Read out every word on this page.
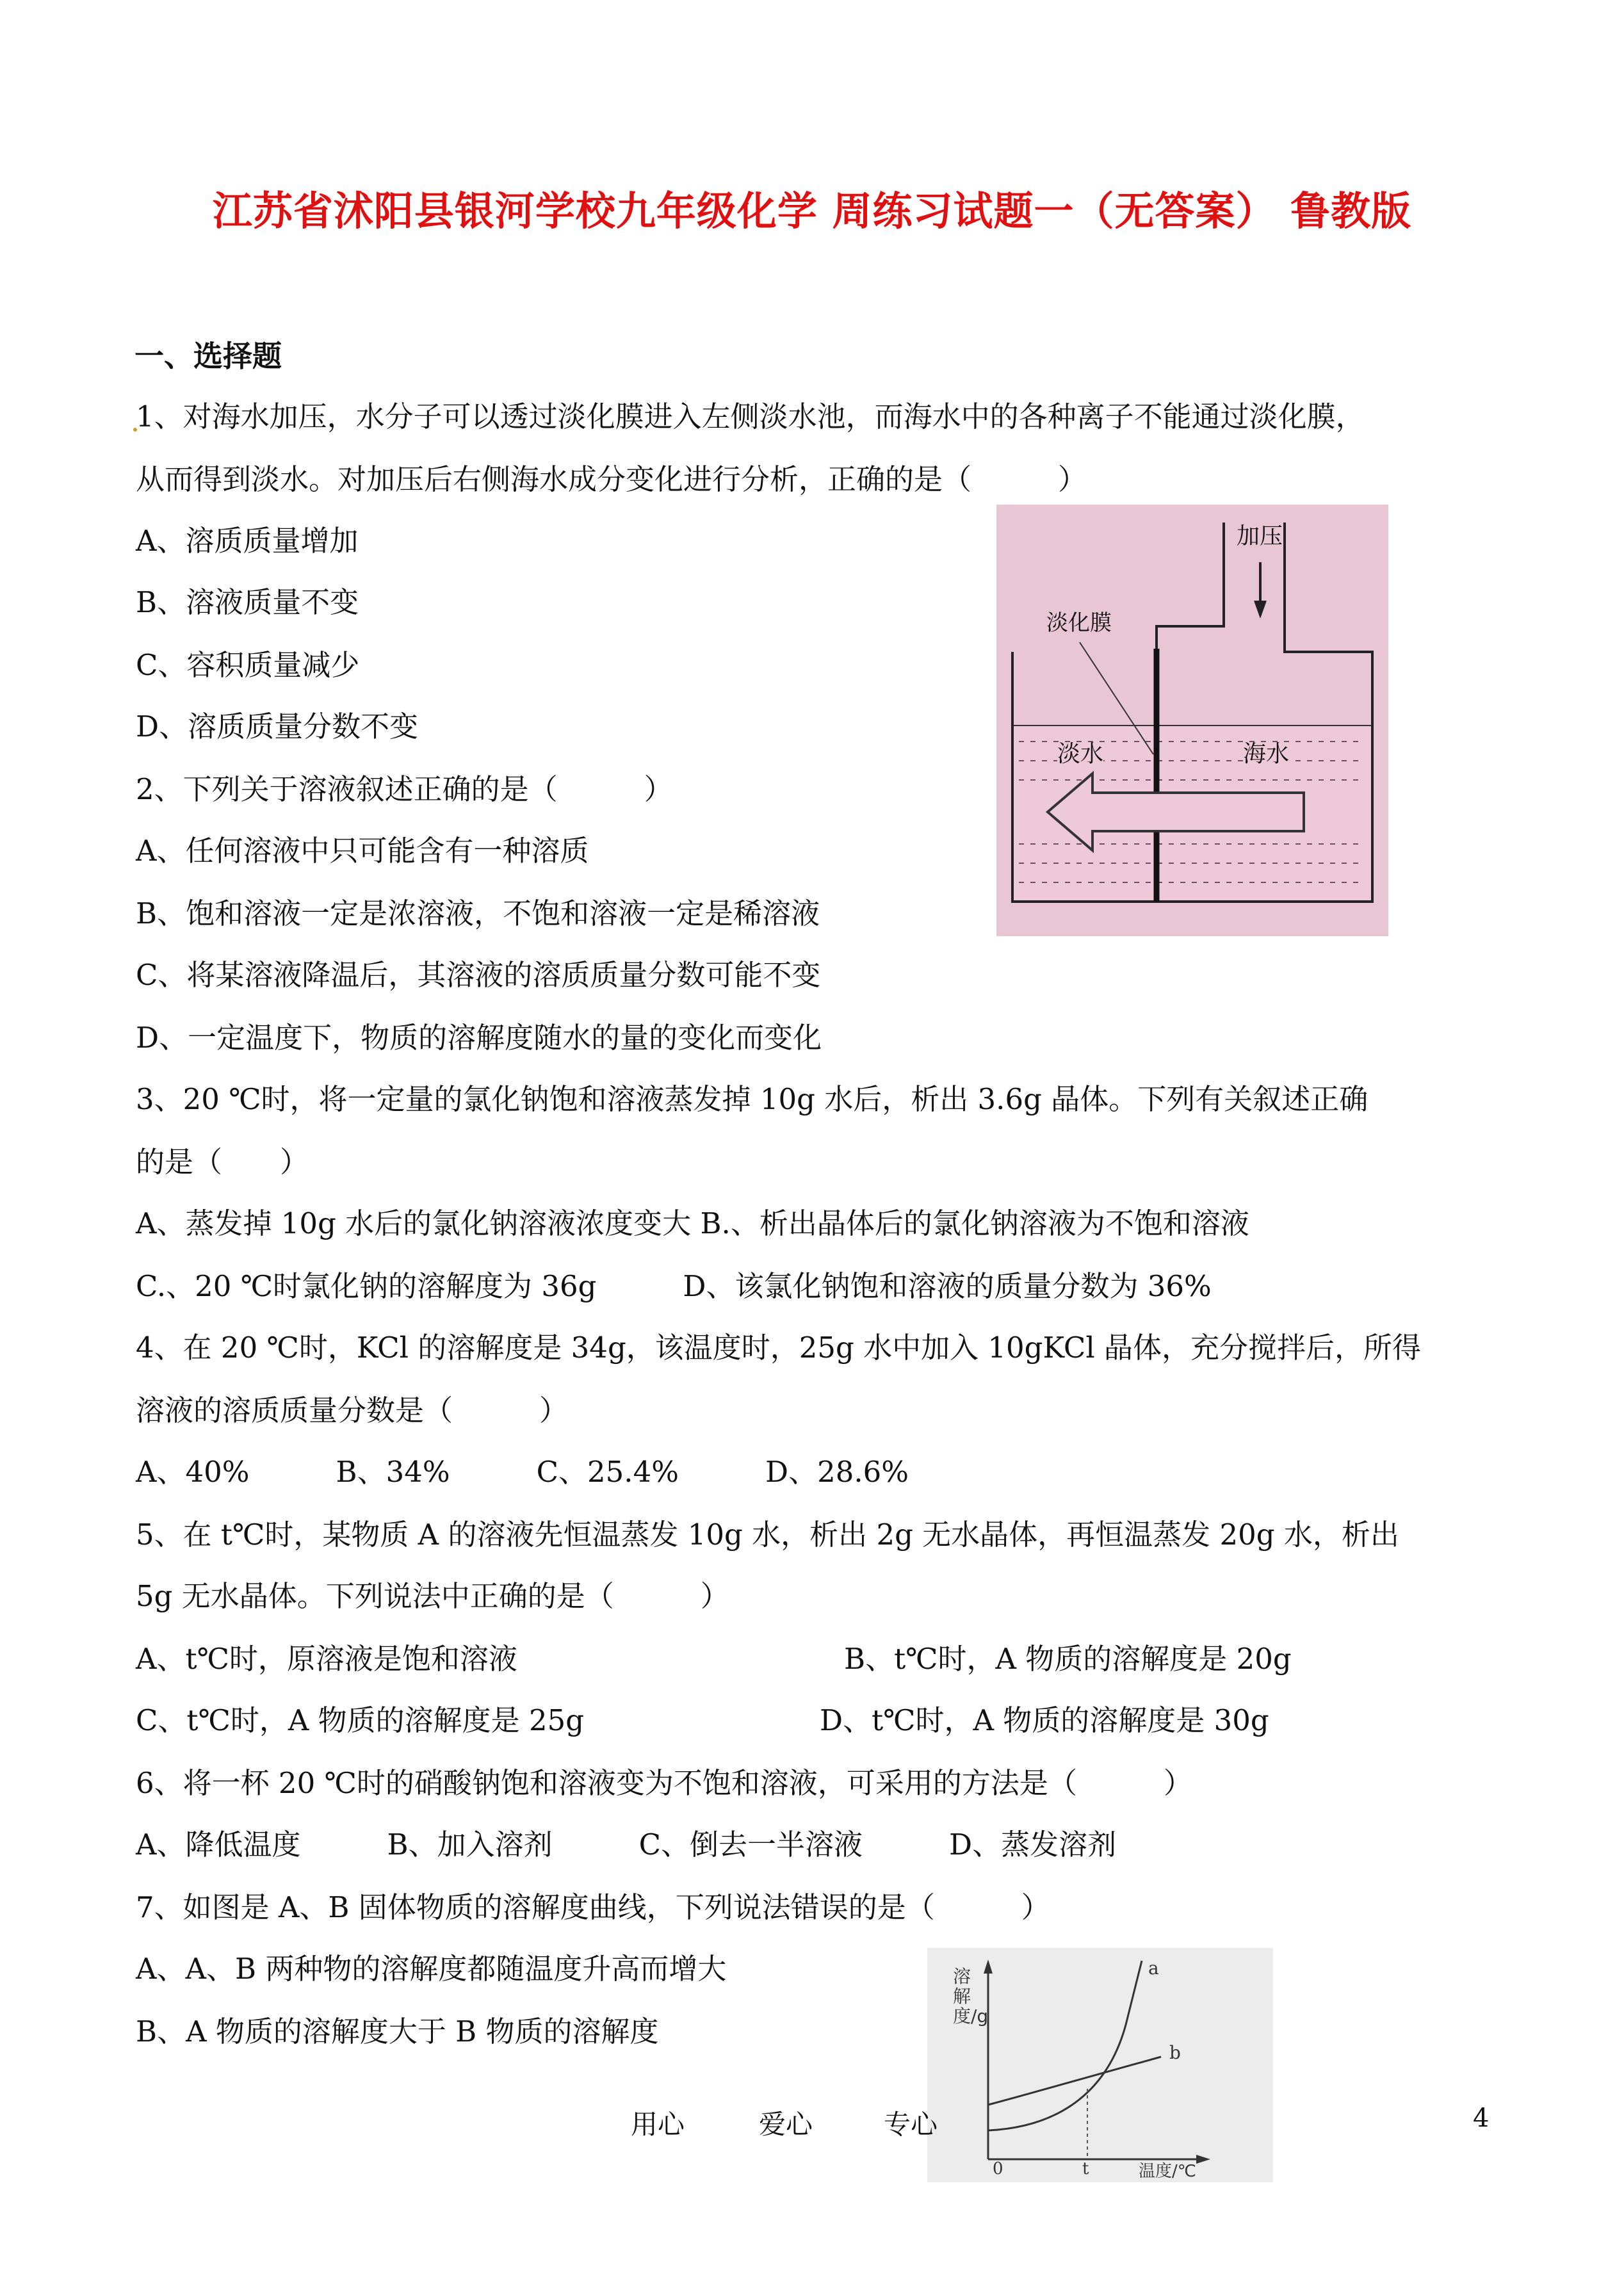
江苏省沭阳县银河学校九年级化学 周练习试题一（无答案） 鲁教版
一、选择题
1、对海水加压，水分子可以透过淡化膜进入左侧淡水池，而海水中的各种离子不能通过淡化膜，
从而得到淡水。对加压后右侧海水成分变化进行分析，正确的是（　　　）
A、溶质质量增加
B、溶液质量不变
C、容积质量减少
D、溶质质量分数不变
2、下列关于溶液叙述正确的是（　　　）
A、任何溶液中只可能含有一种溶质
B、饱和溶液一定是浓溶液，不饱和溶液一定是稀溶液
C、将某溶液降温后，其溶液的溶质质量分数可能不变
D、一定温度下，物质的溶解度随水的量的变化而变化
3、20 ℃时，将一定量的氯化钠饱和溶液蒸发掉 10g 水后，析出 3.6g 晶体。下列有关叙述正确
的是（　　）
A、蒸发掉 10g 水后的氯化钠溶液浓度变大 B.、析出晶体后的氯化钠溶液为不饱和溶液
C.、20 ℃时氯化钠的溶解度为 36g　　　D、该氯化钠饱和溶液的质量分数为 36%
4、在 20 ℃时，KCl 的溶解度是 34g，该温度时，25g 水中加入 10gKCl 晶体，充分搅拌后，所得
溶液的溶质质量分数是（　　　）
A、40%　　　B、34%　　　C、25.4%　　　D、28.6%
5、在 t℃时，某物质 A 的溶液先恒温蒸发 10g 水，析出 2g 无水晶体，再恒温蒸发 20g 水，析出
5g 无水晶体。下列说法中正确的是（　　　）
A、t℃时，原溶液是饱和溶液	B、t℃时，A 物质的溶解度是 20g
C、t℃时，A 物质的溶解度是 25g	D、t℃时，A 物质的溶解度是 30g
6、将一杯 20 ℃时的硝酸钠饱和溶液变为不饱和溶液，可采用的方法是（　　　）
A、降低温度　　　B、加入溶剂　　　C、倒去一半溶液　　　D、蒸发溶剂
7、如图是 A、B 固体物质的溶解度曲线，下列说法错误的是（　　　）
A、A、B 两种物的溶解度都随温度升高而增大
B、A 物质的溶解度大于 B 物质的溶解度
加压
淡化膜
淡水	海水
溶解度/g
a
b
0	t	温度/℃
用心	爱心	专心	4
